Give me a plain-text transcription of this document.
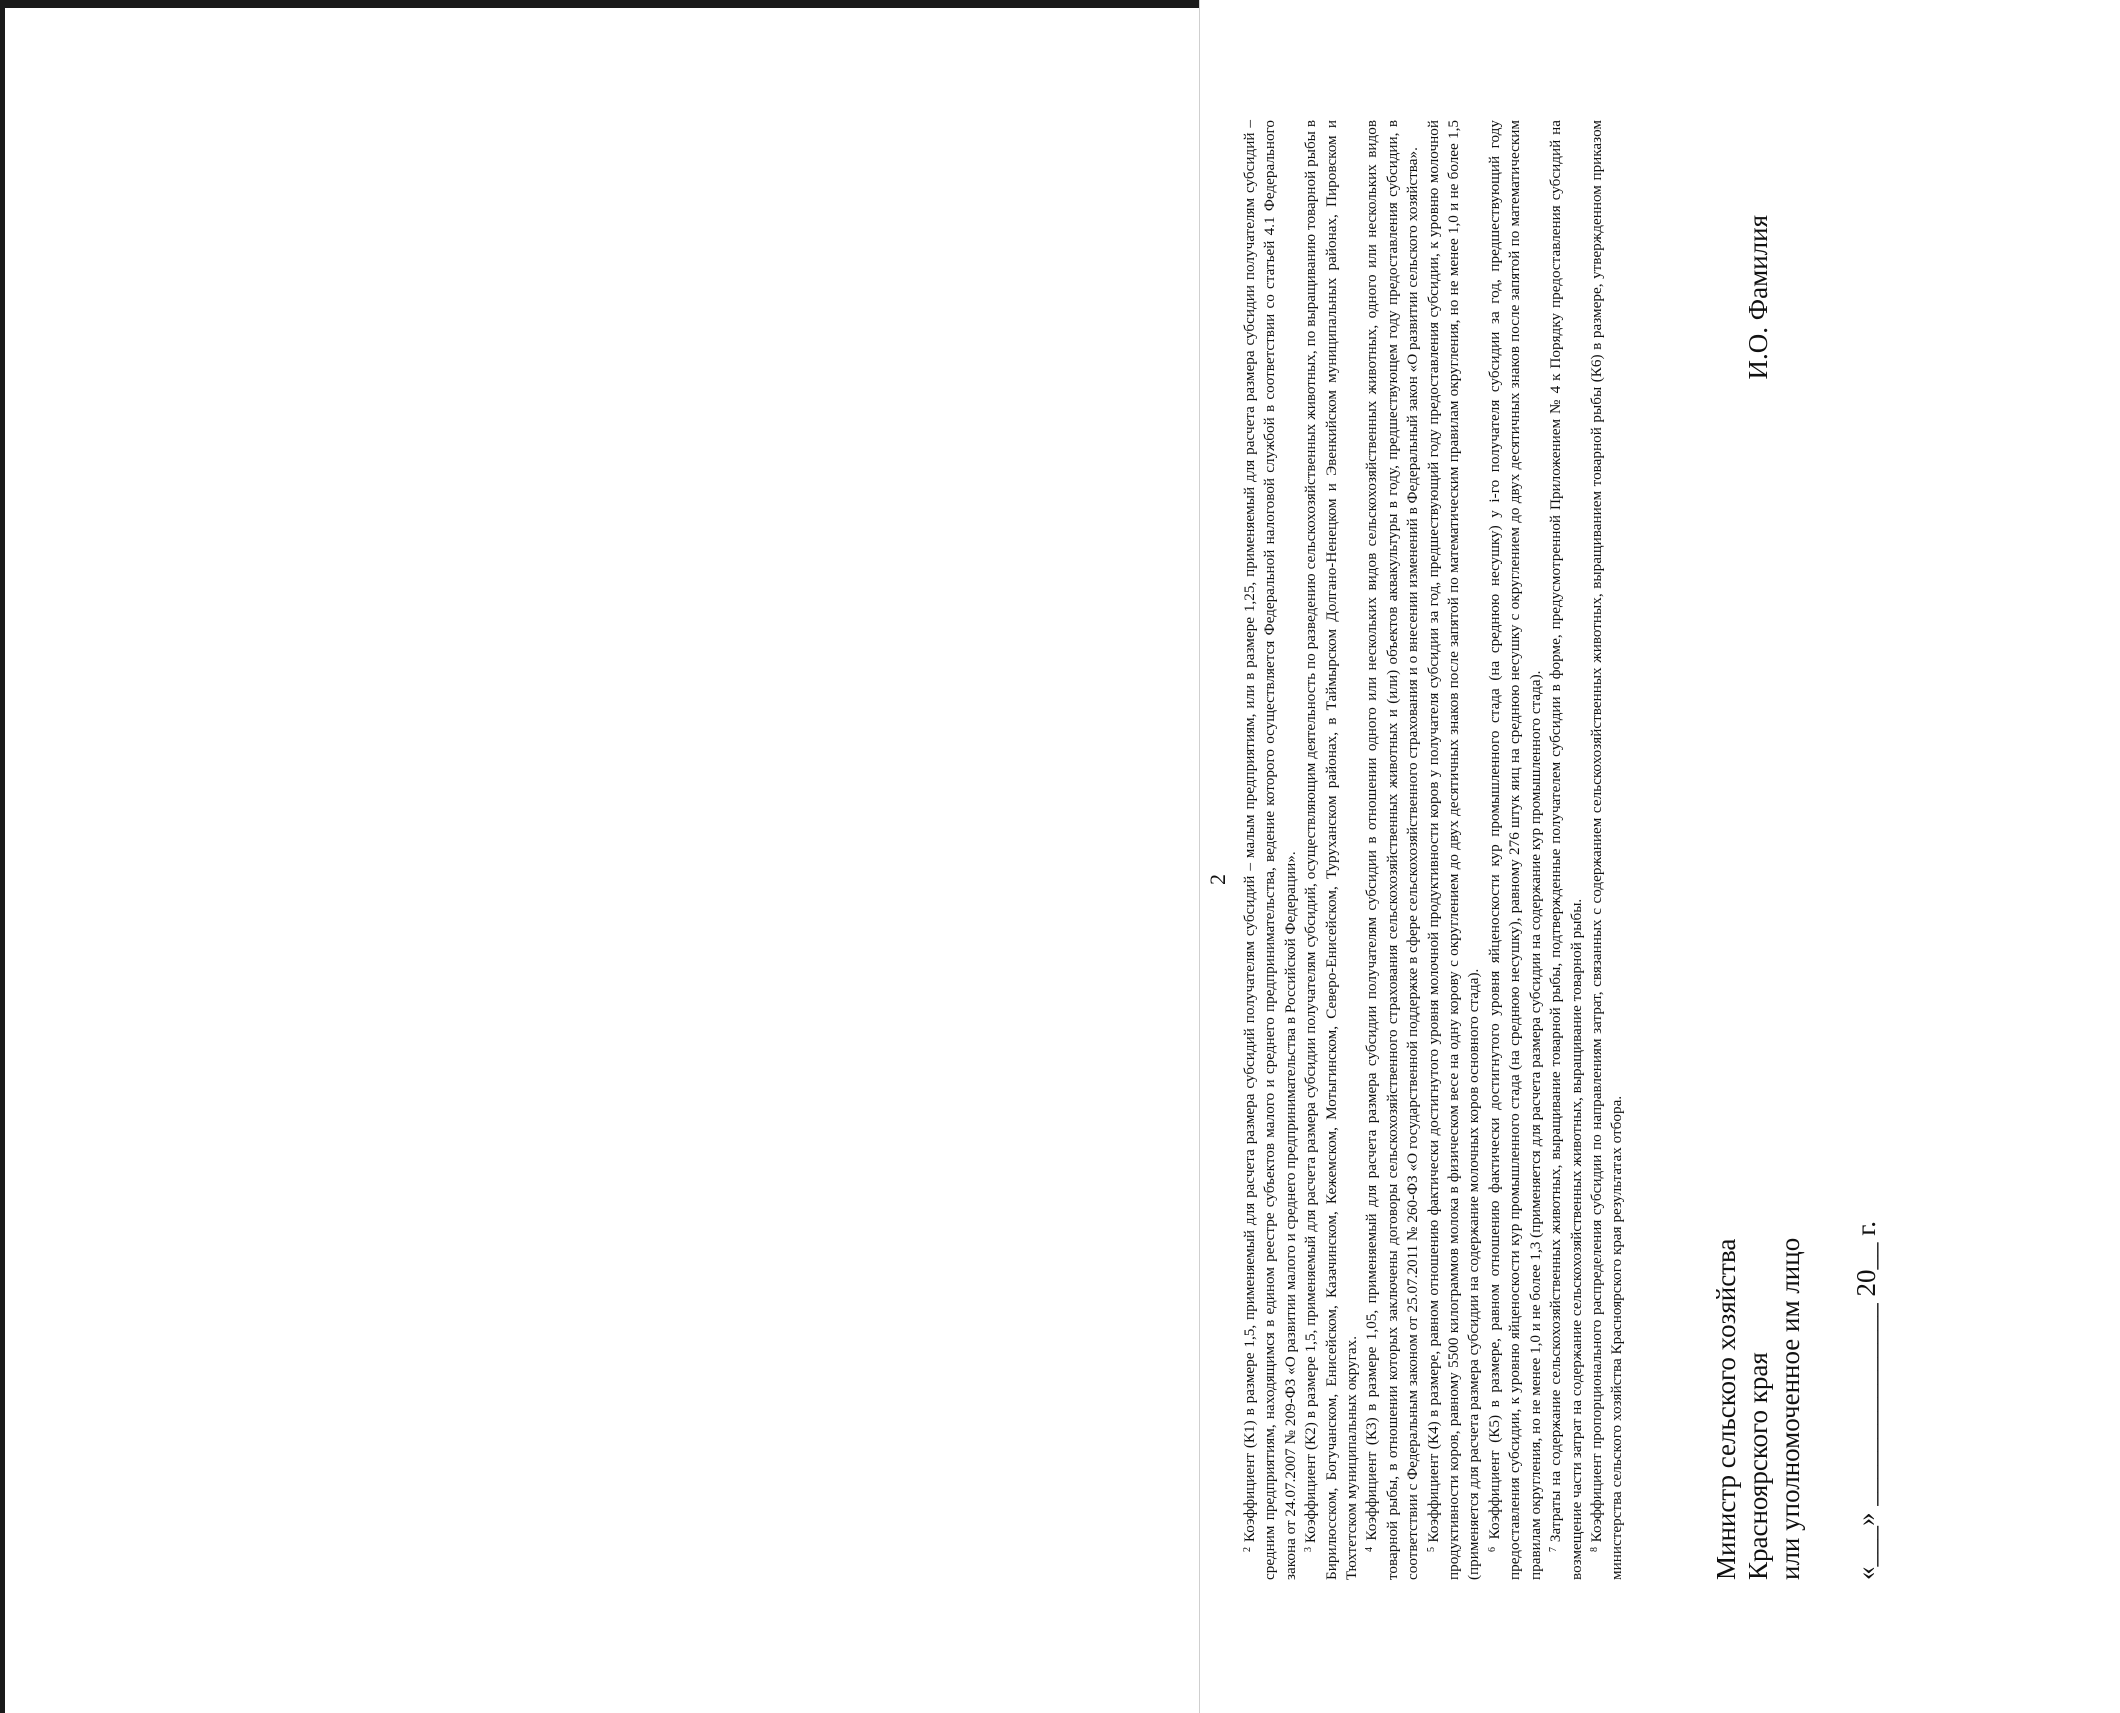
2

$^2$ Коэффициент (К1) в размере 1,5, применяемый для расчета размера субсидий получателям субсидий – малым предприятиям, или в размере 1,25, применяемый для расчета размера субсидии получателям субсидий – средним предприятиям, находящимся в едином реестре субъектов малого и среднего предпринимательства, ведение которого осуществляется Федеральной налоговой службой в соответствии со статьей 4.1 Федерального закона от 24.07.2007 № 209-ФЗ «О развитии малого и среднего предпринимательства в Российской Федерации». $^3$ Коэффициент (К2) в размере 1,5, применяемый для расчета размера субсидии получателям субсидий, осуществляющим деятельность по разведению сельскохозяйственных животных, по выращиванию товарной рыбы в Бирилюсском, Богучанском, Енисейском, Казачинском, Кежемском, Мотыгинском, Северо-Енисейском, Туруханском районах, в Таймырском Долгано-Ненецком и Эвенкийском муниципальных районах, Пировском и Тюхтетском муниципальных округах. $^4$ Коэффициент (К3) в размере 1,05, применяемый для расчета размера субсидии получателям субсидии в отношении одного или нескольких видов сельскохозяйственных животных, одного или нескольких видов товарной рыбы, в отношении которых заключены договоры сельскохозяйственного страхования сельскохозяйственных животных и (или) объектов аквакультуры в году, предшествующем году предоставления субсидии, в соответствии с Федеральным законом от 25.07.2011 № 260-ФЗ «О государственной поддержке в сфере сельскохозяйственного страхования и о внесении изменений в Федеральный закон «О развитии сельского хозяйства». $^5$ Коэффициент (К4) в размере, равном отношению фактически достигнутого уровня молочной продуктивности коров у получателя субсидии за год, предшествующий году предоставления субсидии, к уровню молочной продуктивности коров, равному 5500 килограммов молока в физическом весе на одну корову с округлением до двух десятичных знаков после запятой по математическим правилам округления, но не менее 1,0 и не более 1,5 (применяется для расчета размера субсидии на содержание молочных коров основного стада). $^6$ Коэффициент (К5) в размере, равном отношению фактически достигнутого уровня яйценоскости кур промышленного стада (на среднюю несушку) у i-го получателя субсидии за год, предшествующий году предоставления субсидии, к уровню яйценоскости кур промышленного стада (на среднюю несушку), равному 276 штук яиц на среднюю несушку с округлением до двух десятичных знаков после запятой по математическим правилам округления, но не менее 1,0 и не более 1,3 (применяется для расчета размера субсидии на содержание кур промышленного стада). $^7$ Затраты на содержание сельскохозяйственных животных, выращивание товарной рыбы, подтвержденные получателем субсидии в форме, предусмотренной Приложением № 4 к Порядку предоставления субсидий на возмещение части затрат на содержание сельскохозяйственных животных, выращивание товарной рыбы. $^8$ Коэффициент пропорционального распределения субсидии по направлениям затрат, связанных с содержанием сельскохозяйственных животных, выращиванием товарной рыбы (К6) в размере, утвержденном приказом министерства сельского хозяйства Красноярского края результатах отбора.	Министр сельского хозяйства Красноярского края или уполномоченное им лицо
И.О. Фамилия
«___» _______________ 20__ г.
